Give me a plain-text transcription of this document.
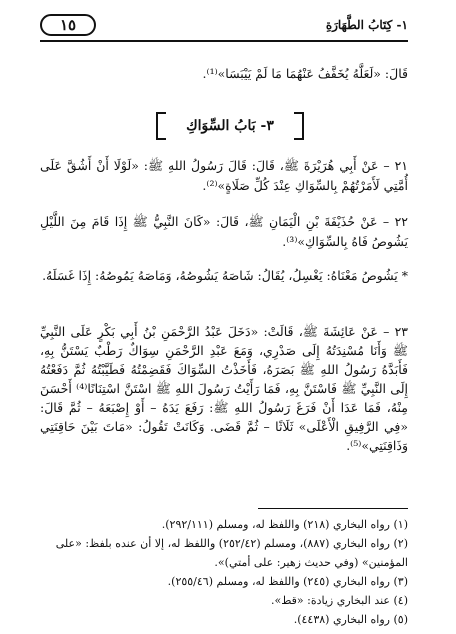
١- كِتَابُ الطَّهَارَةِ
١٥
قَالَ: «لَعَلَّهُ يُخَفَّفُ عَنْهُمَا مَا لَمْ يَيْبَسَا»⁽¹⁾.
٣- بَابُ السِّوَاكِ
٢١ – عَنْ أَبِي هُرَيْرَةَ ﷺ، قَالَ: قَالَ رَسُولُ اللهِ ﷺ: «لَوْلَا أَنْ أَشُقَّ عَلَى أُمَّتِي لَأَمَرْتُهُمْ بِالسِّوَاكِ عِنْدَ كُلِّ صَلَاةٍ»⁽²⁾.
٢٢ – عَنْ حُذَيْفَةَ بْنِ الْيَمَانِ ﷺ، قَالَ: «كَانَ النَّبِيُّ ﷺ إِذَا قَامَ مِنَ اللَّيْلِ يَشُوصُ فَاهُ بِالسِّوَاكِ»⁽³⁾.
* يَشُوصُ مَعْنَاهُ: يَغْسِلُ، يُقَالُ: شَاصَهُ يَشُوصُهُ، وَمَاصَهُ يَمُوصُهُ: إِذَا غَسَلَهُ.
٢٣ – عَنْ عَائِشَةَ ﷺ، قَالَتْ: «دَخَلَ عَبْدُ الرَّحْمَنِ بْنُ أَبِي بَكْرٍ عَلَى النَّبِيِّ ﷺ وَأَنَا مُسْنِدَتُهُ إِلَى صَدْرِي، وَمَعَ عَبْدِ الرَّحْمَنِ سِوَاكٌ رَطْبٌ يَسْتَنُّ بِهِ، فَأَبَدَّهُ رَسُولُ اللهِ ﷺ بَصَرَهُ، فَأَخَذْتُ السِّوَاكَ فَقَضِمْتُهُ فَطَيَّبْتُهُ ثُمَّ دَفَعْتُهُ إِلَى النَّبِيِّ ﷺ فَاسْتَنَّ بِهِ، فَمَا رَأَيْتُ رَسُولَ اللهِ ﷺ اسْتَنَّ اسْتِنَانًا⁽⁴⁾ أَحْسَنَ مِنْهُ، فَمَا عَدَا أَنْ فَرَغَ رَسُولُ اللهِ ﷺ: رَفَعَ يَدَهُ – أَوْ إِصْبَعَهُ – ثُمَّ قَالَ: «فِي الرَّفِيقِ الْأَعْلَى» ثَلَاثًا – ثُمَّ قَضَى. وَكَانَتْ تَقُولُ: «مَاتَ بَيْنَ حَاقِنَتِي وَذَاقِنَتِي»⁽⁵⁾.
(١) رواه البخاري (٢١٨) واللفظ له، ومسلم (٢٩٢/١١١).
(٢) رواه البخاري (٨٨٧)، ومسلم (٢٥٢/٤٢) واللفظ له، إلا أن عنده بلفظ: «على المؤمنين» (وفي حديث زهير: على أمتي)».
(٣) رواه البخاري (٢٤٥) واللفظ له، ومسلم (٢٥٥/٤٦).
(٤) عند البخاري زيادة: «قط».
(٥) رواه البخاري (٤٤٣٨).
